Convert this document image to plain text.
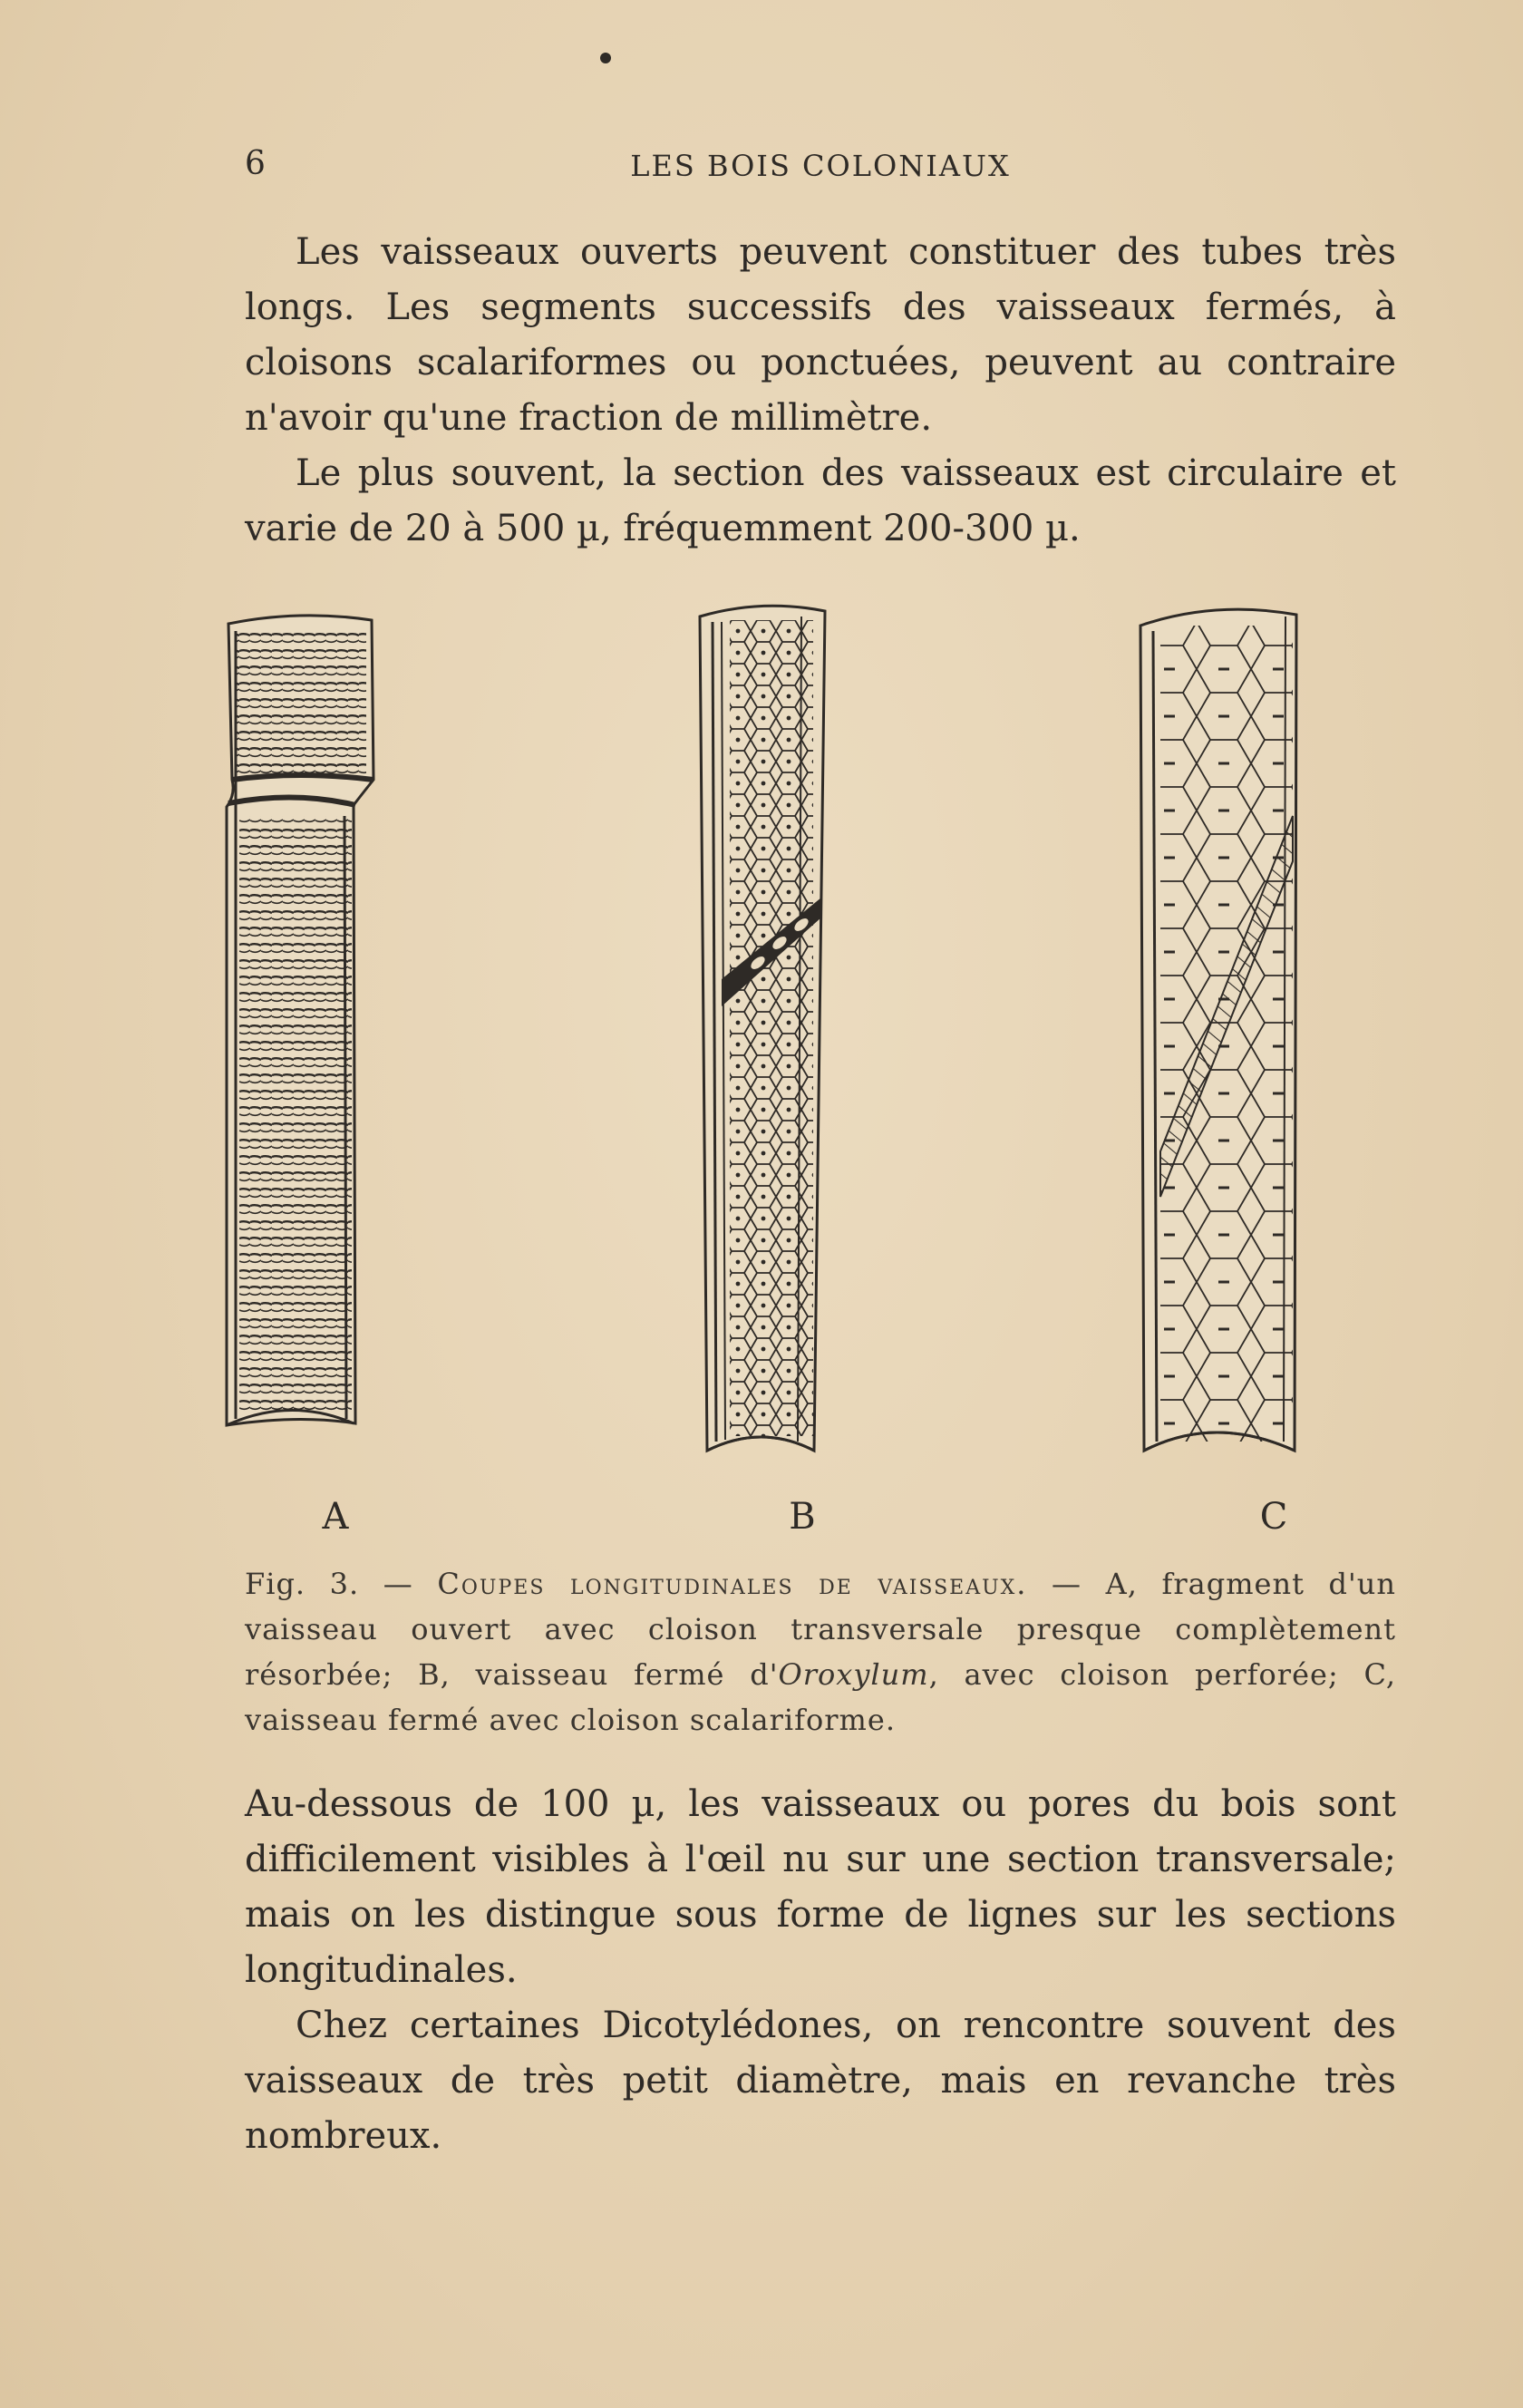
6	LES BOIS COLONIAUX

Les vaisseaux ouverts peuvent constituer des tubes très longs. Les segments successifs des vaisseaux fermés, à cloisons scalariformes ou ponctuées, peuvent au contraire n'avoir qu'une fraction de millimètre.

Le plus souvent, la section des vaisseaux est circulaire et varie de 20 à 500 µ, fréquemment 200-300 µ.

A	B	C
Fig. 3. — Coupes longitudinales de vaisseaux. — A, fragment d'un vaisseau ouvert avec cloison transversale presque complètement résorbée; B, vaisseau fermé d'Oroxylum, avec cloison perforée; C, vaisseau fermé avec cloison scalariforme.

Au-dessous de 100 µ, les vaisseaux ou pores du bois sont difficilement visibles à l'œil nu sur une section transversale; mais on les distingue sous forme de lignes sur les sections longitudinales.

Chez certaines Dicotylédones, on rencontre souvent des vaisseaux de très petit diamètre, mais en revanche très nombreux.
